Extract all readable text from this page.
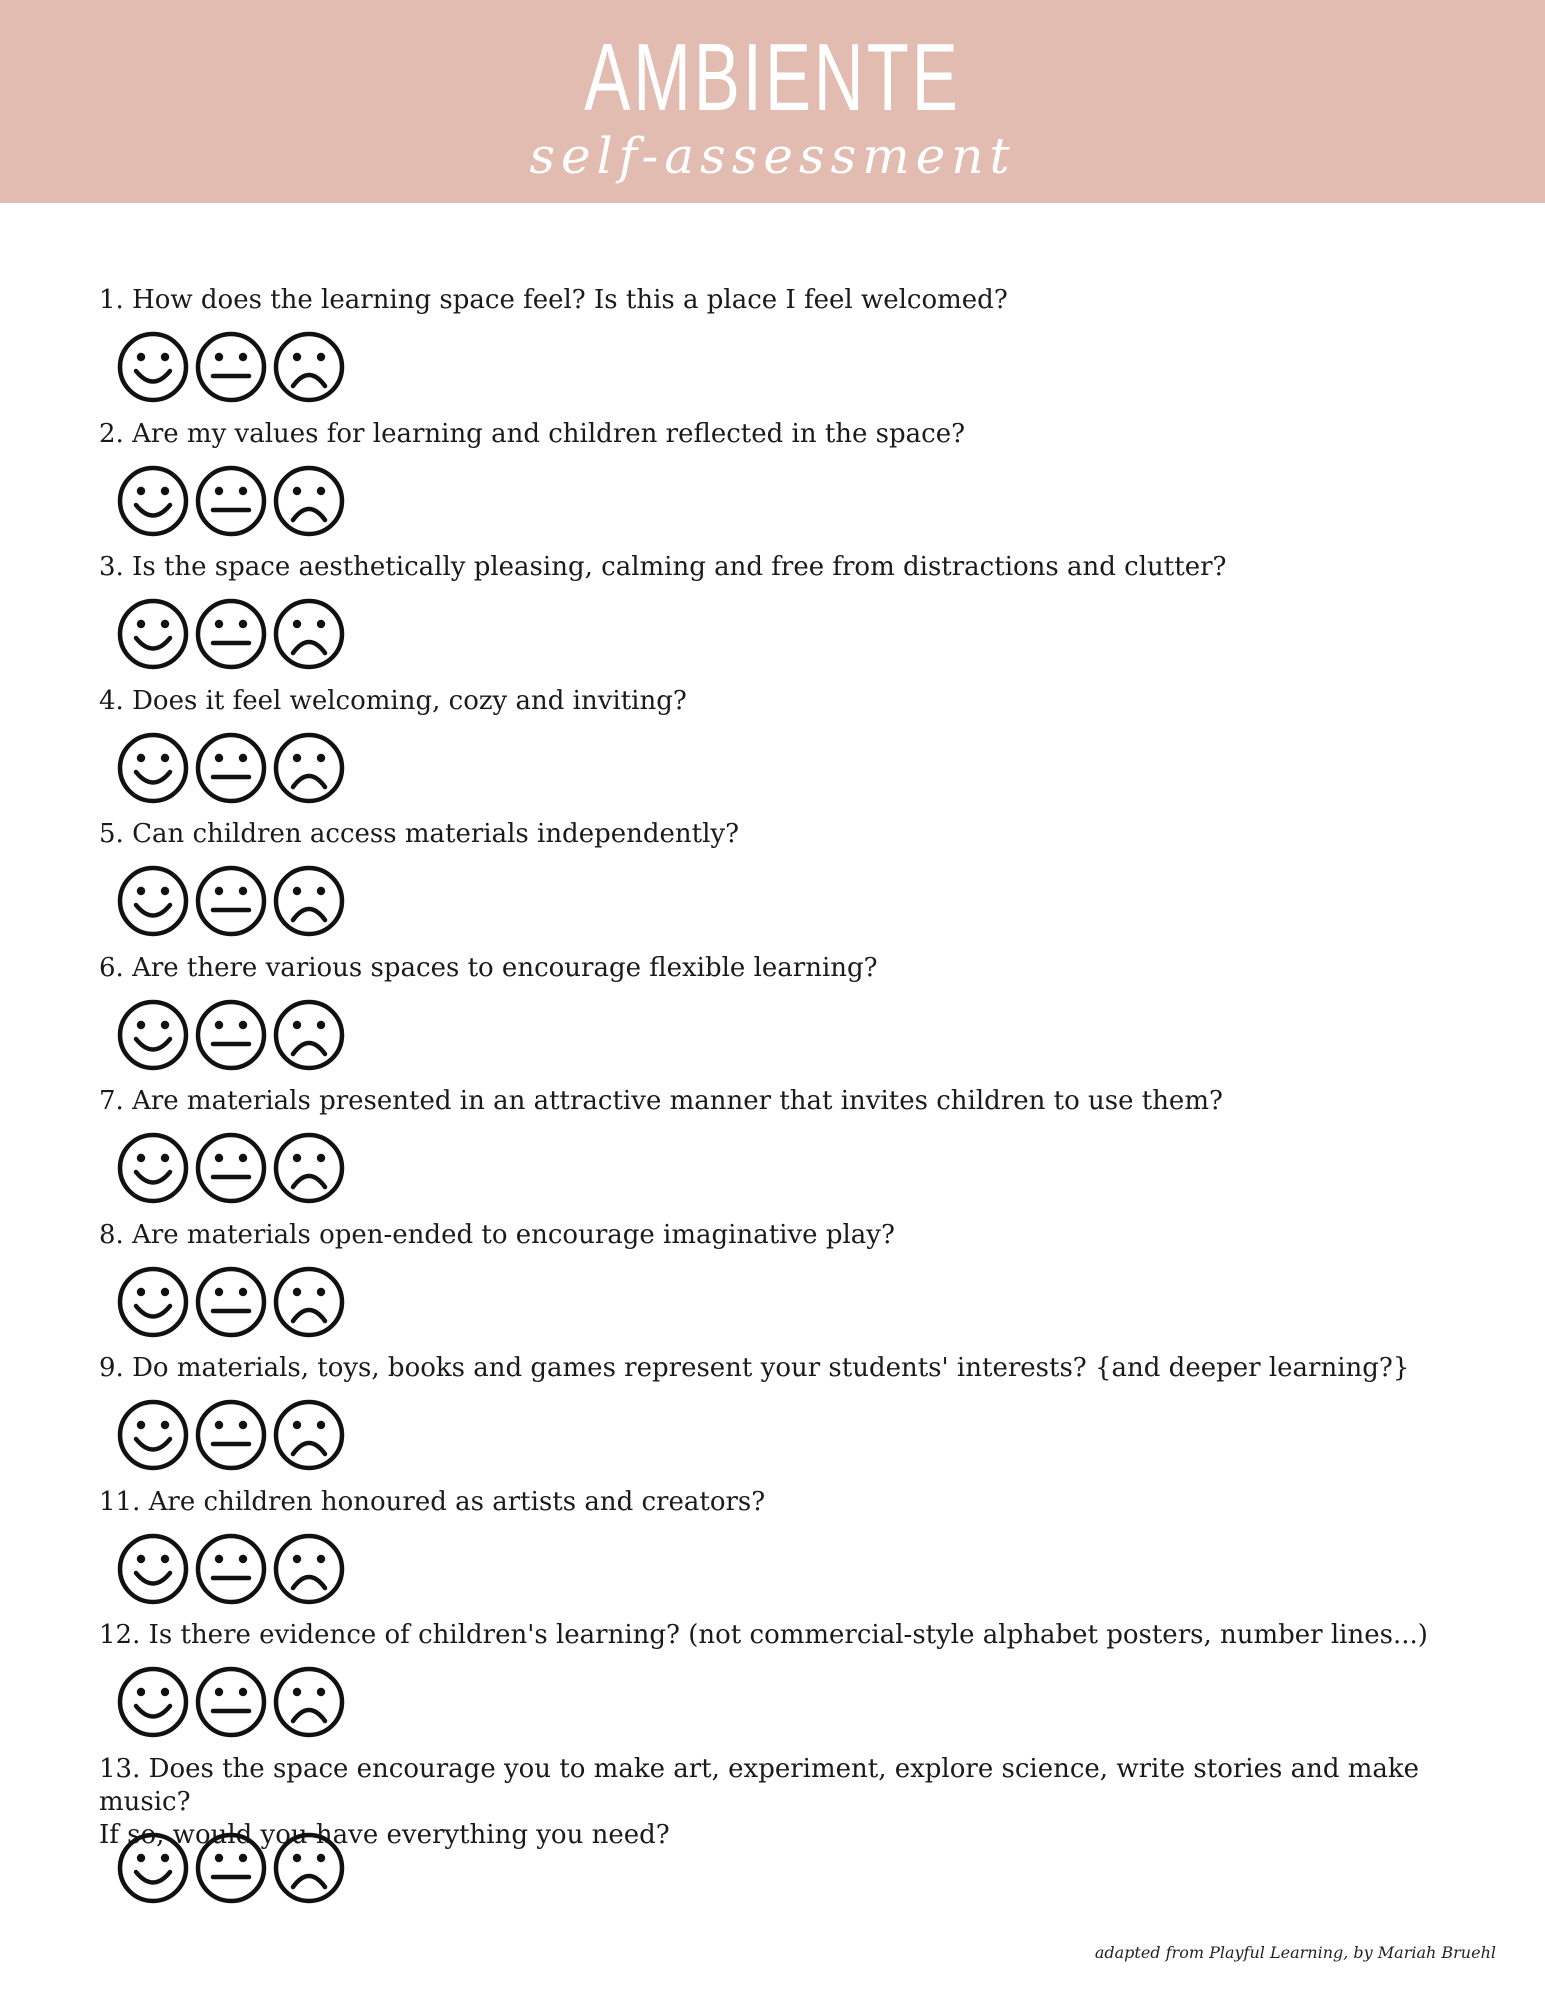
AMBIENTE
self-assessment
1. How does the learning space feel? Is this a place I feel welcomed?
2. Are my values for learning and children reflected in the space?
3. Is the space aesthetically pleasing, calming and free from distractions and clutter?
4. Does it feel welcoming, cozy and inviting?
5. Can children access materials independently?
6. Are there various spaces to encourage flexible learning?
7. Are materials presented in an attractive manner that invites children to use them?
8. Are materials open-ended to encourage imaginative play?
9. Do materials, toys, books and games represent your students' interests? {and deeper learning?}
11. Are children honoured as artists and creators?
12. Is there evidence of children's learning? (not commercial-style alphabet posters, number lines...)
13. Does the space encourage you to make art, experiment, explore science, write stories and make music?
If so, would you have everything you need?
adapted from Playful Learning, by Mariah Bruehl
